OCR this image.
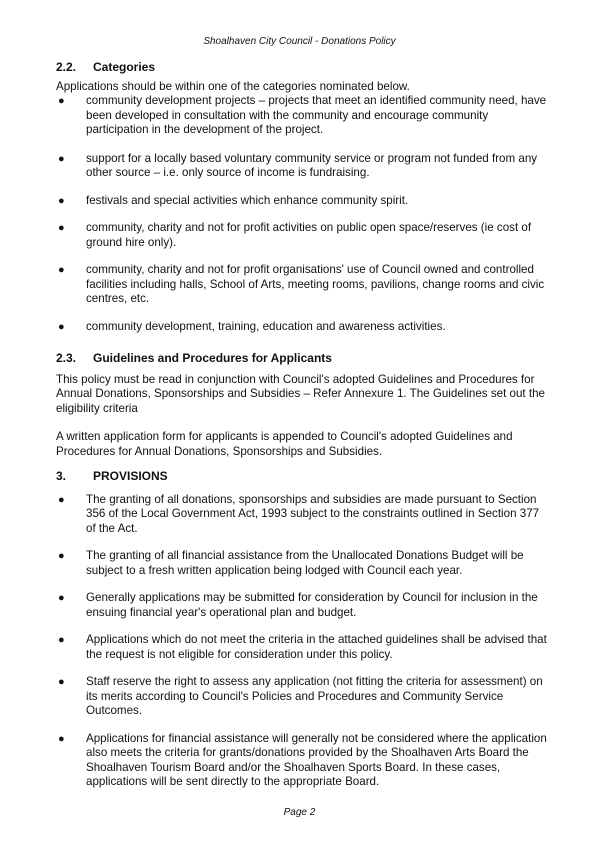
Shoalhaven City Council - Donations Policy
2.2.	Categories

Applications should be within one of the categories nominated below.

● community development projects – projects that meet an identified community need, have been developed in consultation with the community and encourage community participation in the development of the project.
● support for a locally based voluntary community service or program not funded from any other source – i.e. only source of income is fundraising.
● festivals and special activities which enhance community spirit.
● community, charity and not for profit activities on public open space/reserves (ie cost of ground hire only).
● community, charity and not for profit organisations' use of Council owned and controlled facilities including halls, School of Arts, meeting rooms, pavilions, change rooms and civic centres, etc.
● community development, training, education and awareness activities.
2.3.	Guidelines and Procedures for Applicants

This policy must be read in conjunction with Council's adopted Guidelines and Procedures for Annual Donations, Sponsorships and Subsidies – Refer Annexure 1. The Guidelines set out the eligibility criteria

A written application form for applicants is appended to Council's adopted Guidelines and Procedures for Annual Donations, Sponsorships and Subsidies.

3.	PROVISIONS
● The granting of all donations, sponsorships and subsidies are made pursuant to Section 356 of the Local Government Act, 1993 subject to the constraints outlined in Section 377 of the Act.
● The granting of all financial assistance from the Unallocated Donations Budget will be subject to a fresh written application being lodged with Council each year.
● Generally applications may be submitted for consideration by Council for inclusion in the ensuing financial year's operational plan and budget.
● Applications which do not meet the criteria in the attached guidelines shall be advised that the request is not eligible for consideration under this policy.
● Staff reserve the right to assess any application (not fitting the criteria for assessment) on its merits according to Council's Policies and Procedures and Community Service Outcomes.
● Applications for financial assistance will generally not be considered where the application also meets the criteria for grants/donations provided by the Shoalhaven Arts Board the Shoalhaven Tourism Board and/or the Shoalhaven Sports Board. In these cases, applications will be sent directly to the appropriate Board.
Page 2
